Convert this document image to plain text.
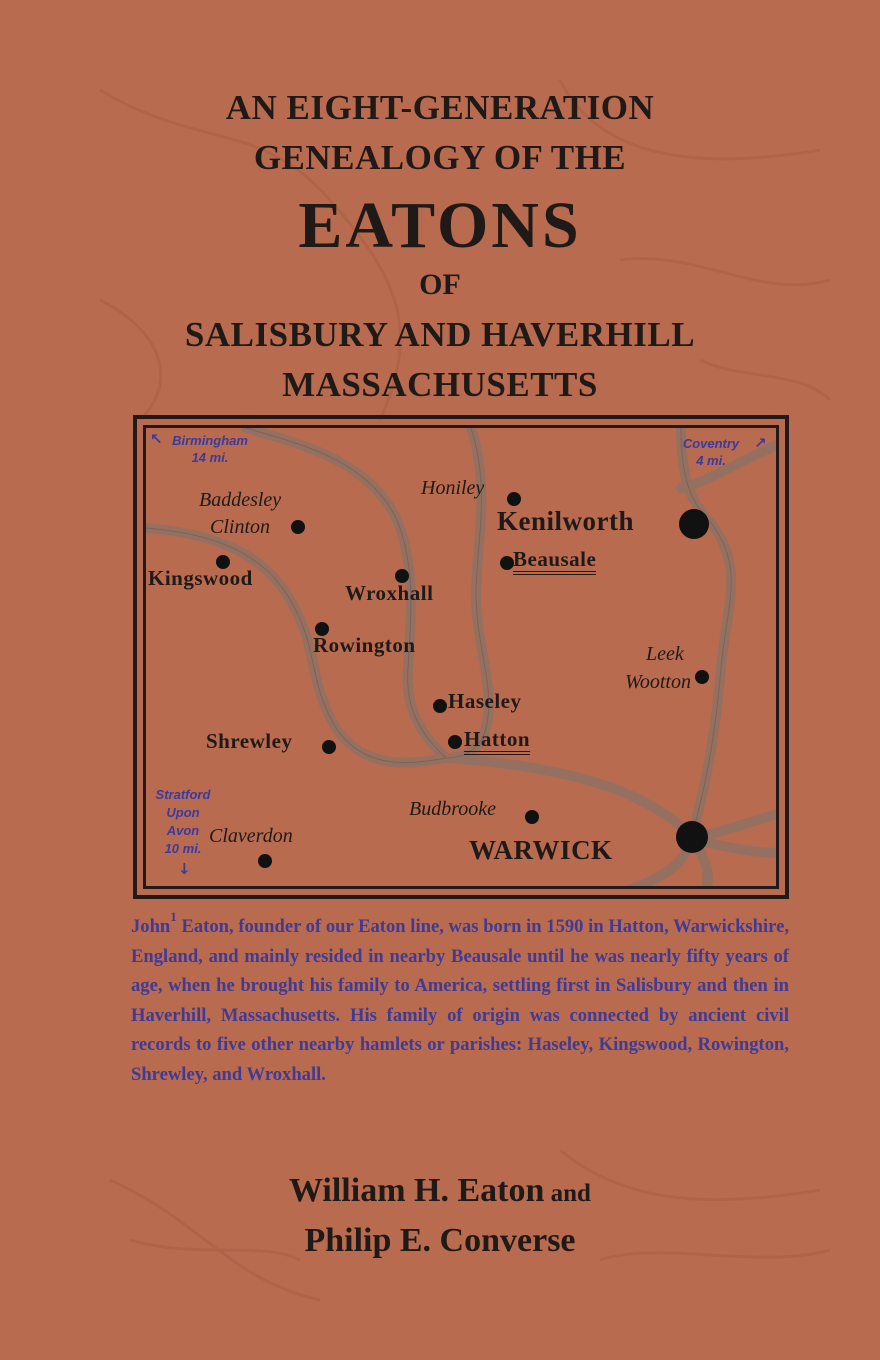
AN EIGHT-GENERATION
GENEALOGY OF THE
EATONS
OF
SALISBURY AND HAVERHILL
MASSACHUSETTS
↖ Birmingham
14 mi.
Coventry
4 mi.
↗
Stratford
Upon
Avon
10 mi.
↓
Baddesley
Clinton
Kingswood
Wroxhall
Rowington
Honiley
Kenilworth
Beausale
Leek
Wootton
Haseley
Hatton
Shrewley
Budbrooke
Claverdon	WARWICK
John$^1$ Eaton, founder of our Eaton line, was born in 1590 in Hatton, Warwickshire, England, and mainly resided in nearby Beausale until he was nearly fifty years of age, when he brought his family to America, settling first in Salisbury and then in Haverhill, Massachusetts. His family of origin was connected by ancient civil records to five other nearby hamlets or parishes: Haseley, Kingswood, Rowington, Shrewley, and Wroxhall.
William H. Eaton and
Philip E. Converse
